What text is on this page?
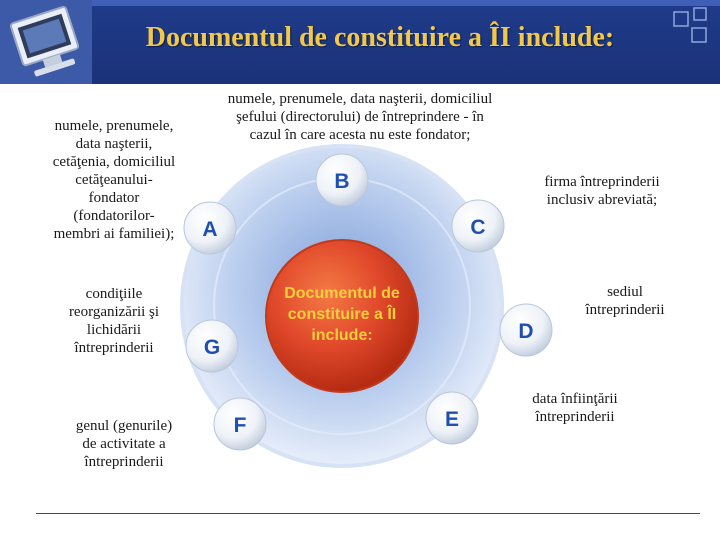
Documentul de constituire a ÎI include:
Documentul de
constituire a ÎI
include:
B
A	C
D
G
E
F
numele, prenumele, data naşterii, domiciliul
şefului (directorului) de întreprindere - în
cazul în care acesta nu este fondator;
numele, prenumele,
data naşterii,
cetăţenia, domiciliul
cetăţeanului-
fondator
(fondatorilor-
membri ai familiei);
firma întreprinderii
inclusiv abreviată;
sediul
întreprinderii
condiţiile
reorganizării şi
lichidării
întreprinderii
data înfiinţării
întreprinderii
genul (genurile)
de activitate a
întreprinderii
